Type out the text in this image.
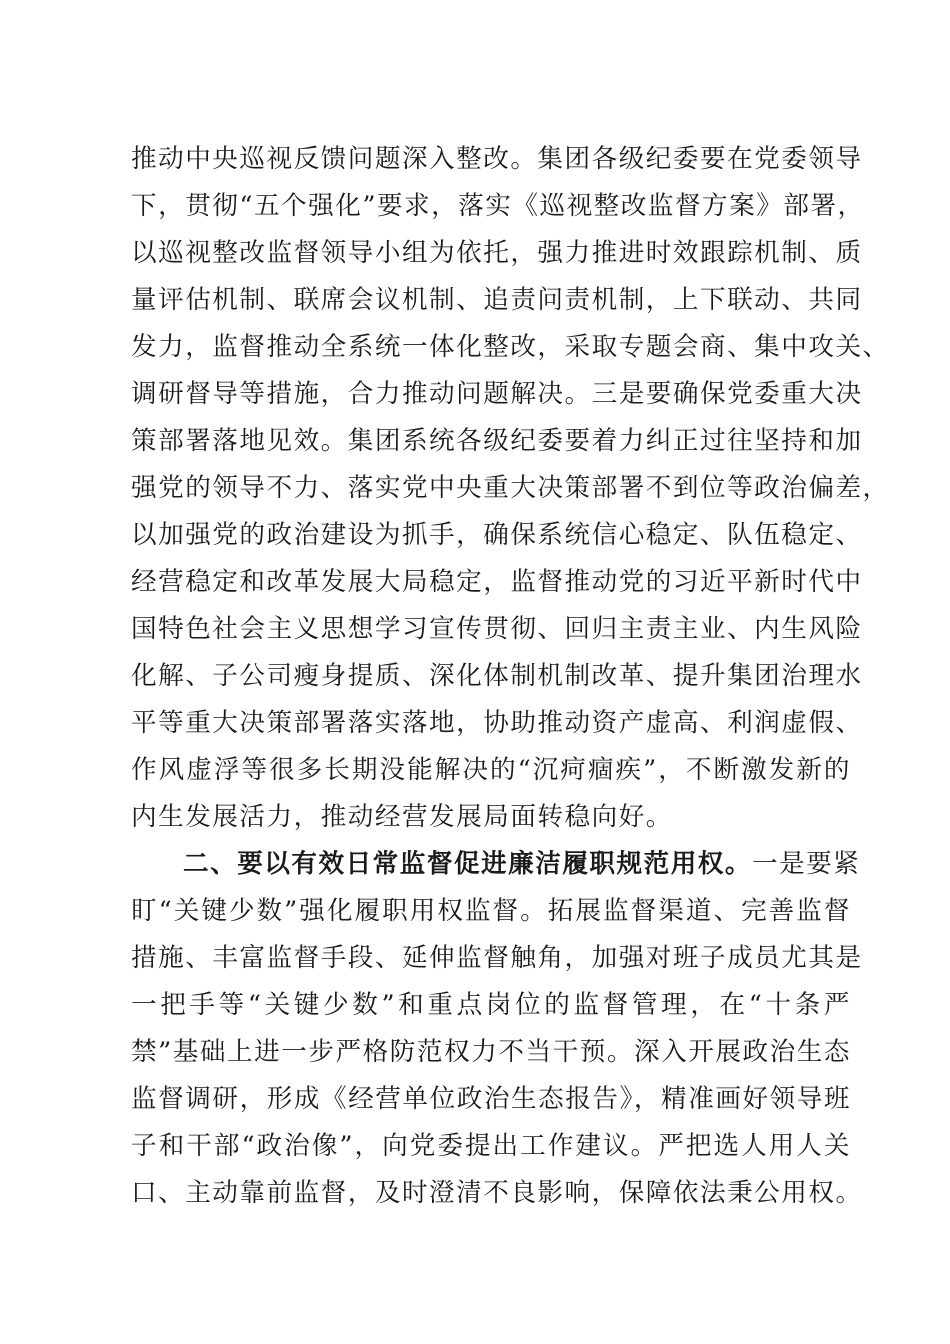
推动中央巡视反馈问题深入整改。集团各级纪委要在党委领导
下，贯彻“五个强化”要求，落实《巡视整改监督方案》部署，
以巡视整改监督领导小组为依托，强力推进时效跟踪机制、质
量评估机制、联席会议机制、追责问责机制，上下联动、共同
发力，监督推动全系统一体化整改，采取专题会商、集中攻关、
调研督导等措施，合力推动问题解决。三是要确保党委重大决
策部署落地见效。集团系统各级纪委要着力纠正过往坚持和加
强党的领导不力、落实党中央重大决策部署不到位等政治偏差，
以加强党的政治建设为抓手，确保系统信心稳定、队伍稳定、
经营稳定和改革发展大局稳定，监督推动党的习近平新时代中
国特色社会主义思想学习宣传贯彻、回归主责主业、内生风险
化解、子公司瘦身提质、深化体制机制改革、提升集团治理水
平等重大决策部署落实落地，协助推动资产虚高、利润虚假、
作风虚浮等很多长期没能解决的“沉疴痼疾”，不断激发新的
内生发展活力，推动经营发展局面转稳向好。
二、要以有效日常监督促进廉洁履职规范用权。一是要紧
盯“关键少数”强化履职用权监督。拓展监督渠道、完善监督
措施、丰富监督手段、延伸监督触角，加强对班子成员尤其是
一把手等“关键少数”和重点岗位的监督管理，在“十条严
禁”基础上进一步严格防范权力不当干预。深入开展政治生态
监督调研，形成《经营单位政治生态报告》，精准画好领导班
子和干部“政治像”，向党委提出工作建议。严把选人用人关
口、主动靠前监督，及时澄清不良影响，保障依法秉公用权。
